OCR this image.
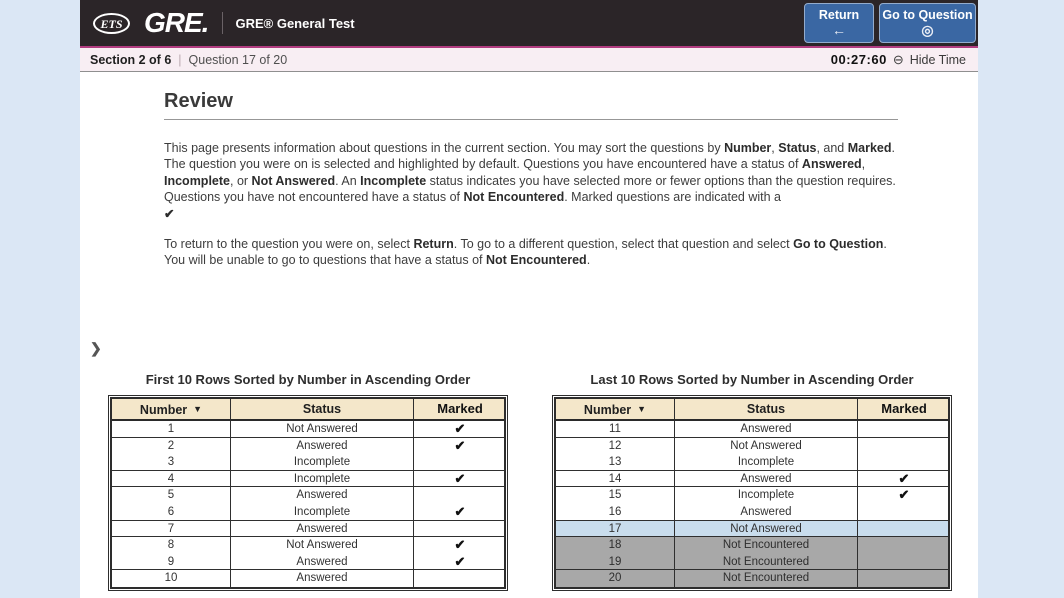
ETS GRE. GRE® General Test
Return
←
Go to Question
◎
Section 2 of 6 | Question 17 of 20	00:27:60 ⊖ Hide Time
Review

This page presents information about questions in the current section. You may sort the questions by Number, Status, and Marked. The question you were on is selected and highlighted by default. Questions you have encountered have a status of Answered, Incomplete, or Not Answered. An Incomplete status indicates you have selected more or fewer options than the question requires. Questions you have not encountered have a status of Not Encountered. Marked questions are indicated with a
✔

To return to the question you were on, select Return. To go to a different question, select that question and select Go to Question. You will be unable to go to questions that have a status of Not Encountered.

❯
First 10 Rows Sorted by Number in Ascending Order
Number ▼	Status	Marked
1	Not Answered	✔
2	Answered	✔
3	Incomplete
4	Incomplete	✔
5	Answered
6	Incomplete	✔
7	Answered
8	Not Answered	✔
9	Answered	✔
10	Answered
Last 10 Rows Sorted by Number in Ascending Order
Number ▼	Status	Marked
11	Answered
12	Not Answered
13	Incomplete
14	Answered	✔
15	Incomplete	✔
16	Answered
17	Not Answered
18	Not Encountered
19	Not Encountered
20	Not Encountered
